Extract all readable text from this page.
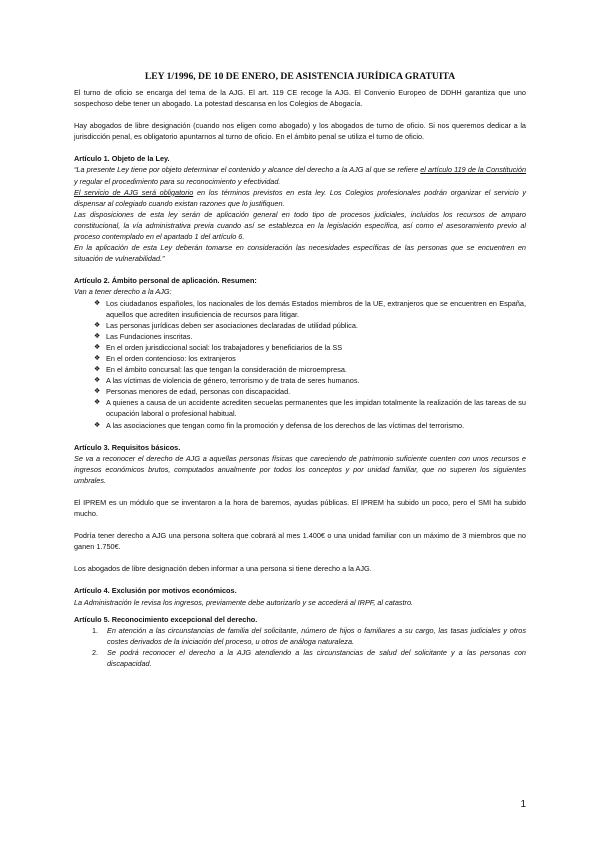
LEY 1/1996, DE 10 DE ENERO, DE ASISTENCIA JURÍDICA GRATUITA

El turno de oficio se encarga del tema de la AJG. El art. 119 CE recoge la AJG. El Convenio Europeo de DDHH garantiza que uno sospechoso debe tener un abogado. La potestad descansa en los Colegios de Abogacía.

Hay abogados de libre designación (cuando nos eligen como abogado) y los abogados de turno de oficio. Si nos queremos dedicar a la jurisdicción penal, es obligatorio apuntarnos al turno de oficio. En el ámbito penal se utiliza el turno de oficio.

Artículo 1. Objeto de la Ley.

“La presente Ley tiene por objeto determinar el contenido y alcance del derecho a la AJG al que se refiere el artículo 119 de la Constitución y regular el procedimiento para su reconocimiento y efectividad.

El servicio de AJG será obligatorio en los términos previstos en esta ley. Los Colegios profesionales podrán organizar el servicio y dispensar al colegiado cuando existan razones que lo justifiquen.

Las disposiciones de esta ley serán de aplicación general en todo tipo de procesos judiciales, incluidos los recursos de amparo constitucional, la vía administrativa previa cuando así se establezca en la legislación específica, así como el asesoramiento previo al proceso contemplado en el apartado 1 del artículo 6.

En la aplicación de esta Ley deberán tomarse en consideración las necesidades específicas de las personas que se encuentren en situación de vulnerabilidad.”

Artículo 2. Ámbito personal de aplicación. Resumen:

Van a tener derecho a la AJG:

❖ Los ciudadanos españoles, los nacionales de los demás Estados miembros de la UE, extranjeros que se encuentren en España, aquellos que acrediten insuficiencia de recursos para litigar.
❖ Las personas jurídicas deben ser asociaciones declaradas de utilidad pública.
❖ Las Fundaciones inscritas.
❖ En el orden jurisdiccional social: los trabajadores y beneficiarios de la SS
❖ En el orden contencioso: los extranjeros
❖ En el ámbito concursal: las que tengan la consideración de microempresa.
❖ A las víctimas de violencia de género, terrorismo y de trata de seres humanos.
❖ Personas menores de edad, personas con discapacidad.
❖ A quienes a causa de un accidente acrediten secuelas permanentes que les impidan totalmente la realización de las tareas de su ocupación laboral o profesional habitual.
❖ A las asociaciones que tengan como fin la promoción y defensa de los derechos de las víctimas del terrorismo.

Artículo 3. Requisitos básicos.

Se va a reconocer el derecho de AJG a aquellas personas físicas que careciendo de patrimonio suficiente cuenten con unos recursos e ingresos económicos brutos, computados anualmente por todos los conceptos y por unidad familiar, que no superen los siguientes umbrales.

El IPREM es un módulo que se inventaron a la hora de baremos, ayudas públicas. El IPREM ha subido un poco, pero el SMI ha subido mucho.

Podría tener derecho a AJG una persona soltera que cobrará al mes 1.400€ o una unidad familiar con un máximo de 3 miembros que no ganen 1.750€.

Los abogados de libre designación deben informar a una persona si tiene derecho a la AJG.

Artículo 4. Exclusión por motivos económicos.

La Administración le revisa los ingresos, previamente debe autorizarlo y se accederá al IRPF, al catastro.

Artículo 5. Reconocimiento excepcional del derecho.

1. En atención a las circunstancias de familia del solicitante, número de hijos o familiares a su cargo, las tasas judiciales y otros costes derivados de la iniciación del proceso, u otros de análoga naturaleza.
2. Se podrá reconocer el derecho a la AJG atendiendo a las circunstancias de salud del solicitante y a las personas con discapacidad.
1
